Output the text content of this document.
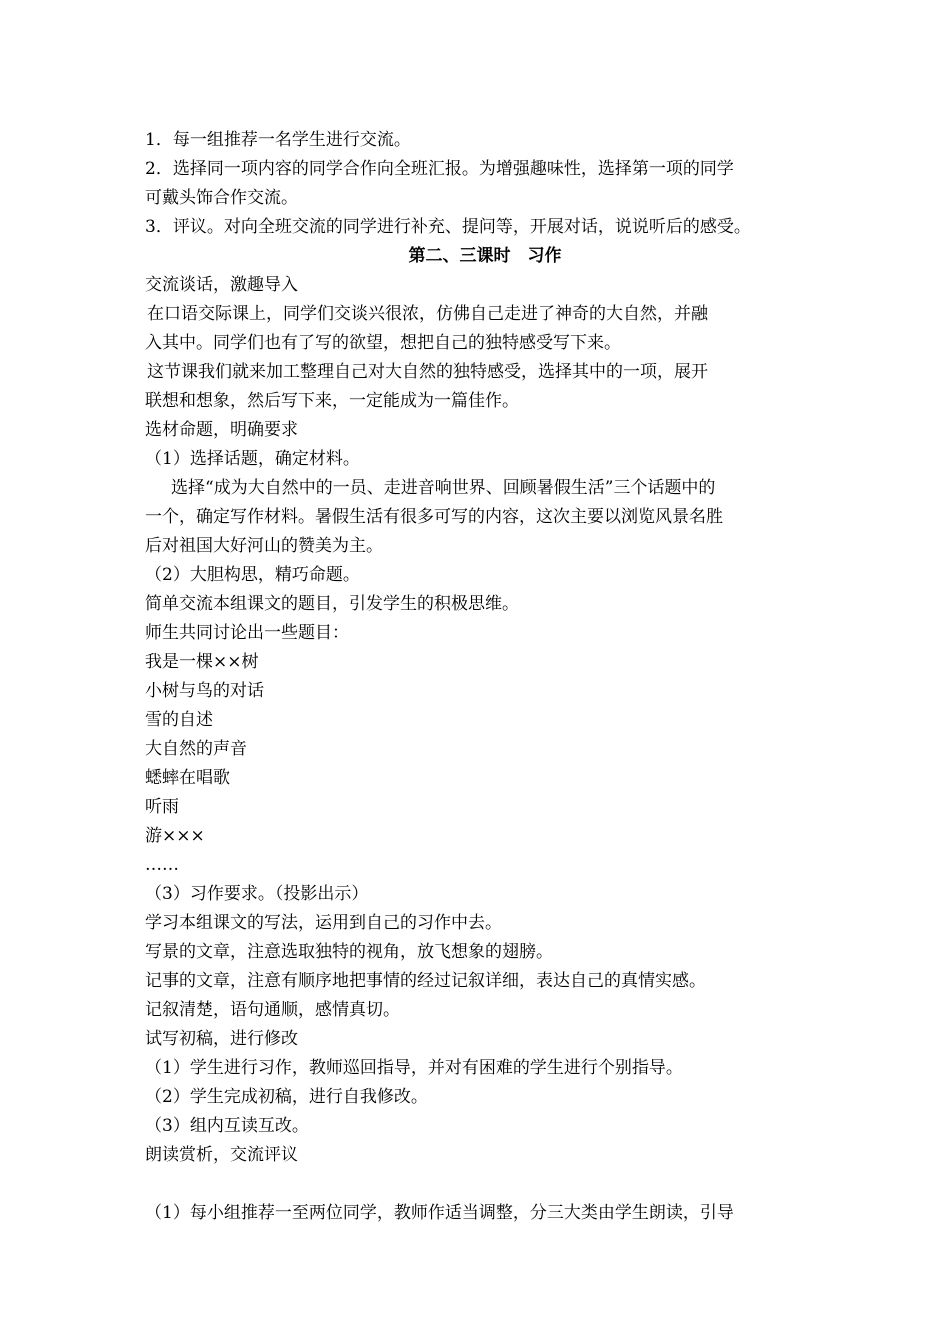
1．每一组推荐一名学生进行交流。
2．选择同一项内容的同学合作向全班汇报。为增强趣味性，选择第一项的同学
可戴头饰合作交流。
3．评议。对向全班交流的同学进行补充、提问等，开展对话，说说听后的感受。
第二、三课时　习作
交流谈话，激趣导入
在口语交际课上，同学们交谈兴很浓，仿佛自己走进了神奇的大自然，并融
入其中。同学们也有了写的欲望，想把自己的独特感受写下来。
这节课我们就来加工整理自己对大自然的独特感受，选择其中的一项，展开
联想和想象，然后写下来，一定能成为一篇佳作。
选材命题，明确要求
（1）选择话题，确定材料。
选择“成为大自然中的一员、走进音响世界、回顾暑假生活”三个话题中的
一个，确定写作材料。暑假生活有很多可写的内容，这次主要以浏览风景名胜
后对祖国大好河山的赞美为主。
（2）大胆构思，精巧命题。
简单交流本组课文的题目，引发学生的积极思维。
师生共同讨论出一些题目：
我是一棵××树
小树与鸟的对话
雪的自述
大自然的声音
蟋蟀在唱歌
听雨
游×××
……
（3）习作要求。（投影出示）
学习本组课文的写法，运用到自己的习作中去。
写景的文章，注意选取独特的视角，放飞想象的翅膀。
记事的文章，注意有顺序地把事情的经过记叙详细，表达自己的真情实感。
记叙清楚，语句通顺，感情真切。
试写初稿，进行修改
（1）学生进行习作，教师巡回指导，并对有困难的学生进行个别指导。
（2）学生完成初稿，进行自我修改。
（3）组内互读互改。
朗读赏析，交流评议
（1）每小组推荐一至两位同学，教师作适当调整，分三大类由学生朗读，引导
